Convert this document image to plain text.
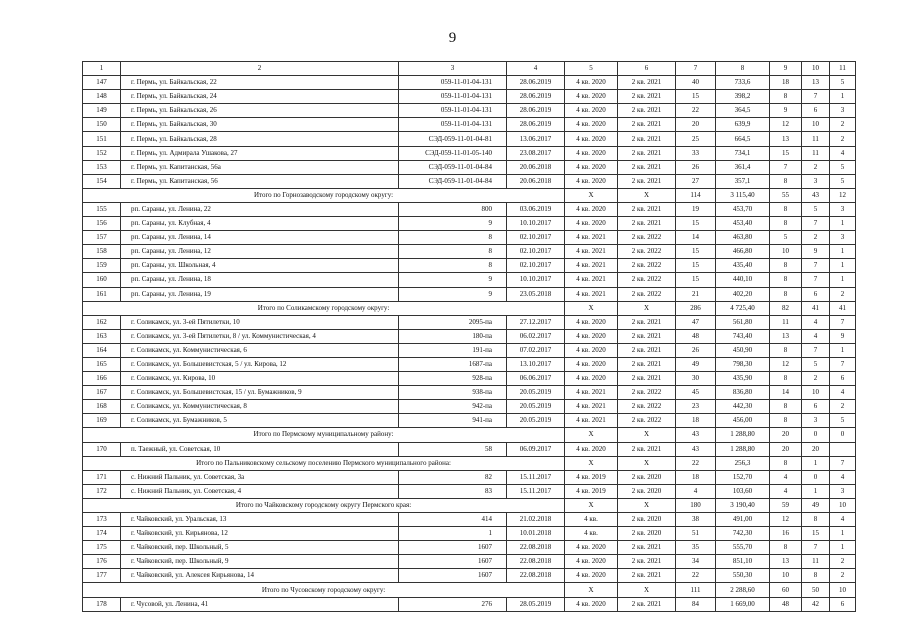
9
1	2	3	4	5	6	7	8	9	10	11
147	г. Пермь, ул. Байкальская, 22	059-11-01-04-131	28.06.2019	4 кв. 2020	2 кв. 2021	40	733,6	18	13	5
148	г. Пермь, ул. Байкальская, 24	059-11-01-04-131	28.06.2019	4 кв. 2020	2 кв. 2021	15	398,2	8	7	1
149	г. Пермь, ул. Байкальская, 26	059-11-01-04-131	28.06.2019	4 кв. 2020	2 кв. 2021	22	364,5	9	6	3
150	г. Пермь, ул. Байкальская, 30	059-11-01-04-131	28.06.2019	4 кв. 2020	2 кв. 2021	20	639,9	12	10	2
151	г. Пермь, ул. Байкальская, 28	СЭД-059-11-01-04-81	13.06.2017	4 кв. 2020	2 кв. 2021	25	664,5	13	11	2
152	г. Пермь, ул. Адмирала Ушакова, 27	СЭД-059-11-01-05-140	23.08.2017	4 кв. 2020	2 кв. 2021	33	734,1	15	11	4
153	г. Пермь, ул. Капитанская, 56а	СЭД-059-11-01-04-84	20.06.2018	4 кв. 2020	2 кв. 2021	26	361,4	7	2	5
154	г. Пермь, ул. Капитанская, 56	СЭД-059-11-01-04-84	20.06.2018	4 кв. 2020	2 кв. 2021	27	357,1	8	3	5
Итого по Горнозаводскому городскому округу:				Х	Х	114	3 115,40	55	43	12
155	рп. Сараны, ул. Ленина, 22	800	03.06.2019	4 кв. 2020	2 кв. 2021	19	453,70	8	5	3
156	рп. Сараны, ул. Клубная, 4	9	10.10.2017	4 кв. 2020	2 кв. 2021	15	453,40	8	7	1
157	рп. Сараны, ул. Ленина, 14	8	02.10.2017	4 кв. 2021	2 кв. 2022	14	463,80	5	2	3
158	рп. Сараны, ул. Ленина, 12	8	02.10.2017	4 кв. 2021	2 кв. 2022	15	466,80	10	9	1
159	рп. Сараны, ул. Школьная, 4	8	02.10.2017	4 кв. 2021	2 кв. 2022	15	435,40	8	7	1
160	рп. Сараны, ул. Ленина, 18	9	10.10.2017	4 кв. 2021	2 кв. 2022	15	440,10	8	7	1
161	рп. Сараны, ул. Ленина, 19	9	23.05.2018	4 кв. 2021	2 кв. 2022	21	402,20	8	6	2
Итого по Соликамскому городскому округу:				Х	Х	286	4 725,40	82	41	41
162	г. Соликамск, ул. 3-ей Пятилетки, 10	2095-па	27.12.2017	4 кв. 2020	2 кв. 2021	47	561,80	11	4	7
163	г. Соликамск, ул. 3-ей Пятилетки, 8 / ул. Коммунистическая, 4	180-па	06.02.2017	4 кв. 2020	2 кв. 2021	48	743,40	13	4	9
164	г. Соликамск, ул. Коммунистическая, 6	191-па	07.02.2017	4 кв. 2020	2 кв. 2021	26	450,90	8	7	1
165	г. Соликамск, ул. Большевистская, 5 / ул. Кирова, 12	1687-па	13.10.2017	4 кв. 2020	2 кв. 2021	49	798,30	12	5	7
166	г. Соликамск, ул. Кирова, 10	928-па	06.06.2017	4 кв. 2020	2 кв. 2021	30	435,90	8	2	6
167	г. Соликамск, ул. Большевистская, 15 / ул. Бумажников, 9	938-па	20.05.2019	4 кв. 2021	2 кв. 2022	45	836,80	14	10	4
168	г. Соликамск, ул. Коммунистическая, 8	942-па	20.05.2019	4 кв. 2021	2 кв. 2022	23	442,30	8	6	2
169	г. Соликамск, ул. Бумажников, 5	941-па	20.05.2019	4 кв. 2021	2 кв. 2022	18	456,00	8	3	5
Итого по Пермскому муниципальному району:				Х	Х	43	1 288,80	20	0	0
170	п. Таежный, ул. Советская, 10	58	06.09.2017	4 кв. 2020	2 кв. 2021	43	1 288,80	20	20	
Итого по Пальниковскому сельскому поселению Пермского муниципального района:				Х	Х	22	256,3	8	1	7
171	с. Нижний Пальник, ул. Советская, 3а	82	15.11.2017	4 кв. 2019	2 кв. 2020	18	152,70	4	0	4
172	с. Нижний Пальник, ул. Советская, 4	83	15.11.2017	4 кв. 2019	2 кв. 2020	4	103,60	4	1	3
Итого по Чайковскому городскому округу Пермского края:				Х	Х	180	3 190,40	59	49	10
173	г. Чайковский, ул. Уральская, 13	414	21.02.2018	4 кв.	2 кв. 2020	38	491,00	12	8	4
174	г. Чайковский, ул. Кирьянова, 12	1	10.01.2018	4 кв.	2 кв. 2020	51	742,30	16	15	1
175	г. Чайковский, пер. Школьный, 5	1607	22.08.2018	4 кв. 2020	2 кв. 2021	35	555,70	8	7	1
176	г. Чайковский, пер. Школьный, 9	1607	22.08.2018	4 кв. 2020	2 кв. 2021	34	851,10	13	11	2
177	г. Чайковский, ул. Алексея Кирьянова, 14	1607	22.08.2018	4 кв. 2020	2 кв. 2021	22	550,30	10	8	2
Итого по Чусовскому городскому округу:				Х	Х	111	2 288,60	60	50	10
178	г. Чусовой, ул. Ленина, 41	276	28.05.2019	4 кв. 2020	2 кв. 2021	84	1 669,00	48	42	6
